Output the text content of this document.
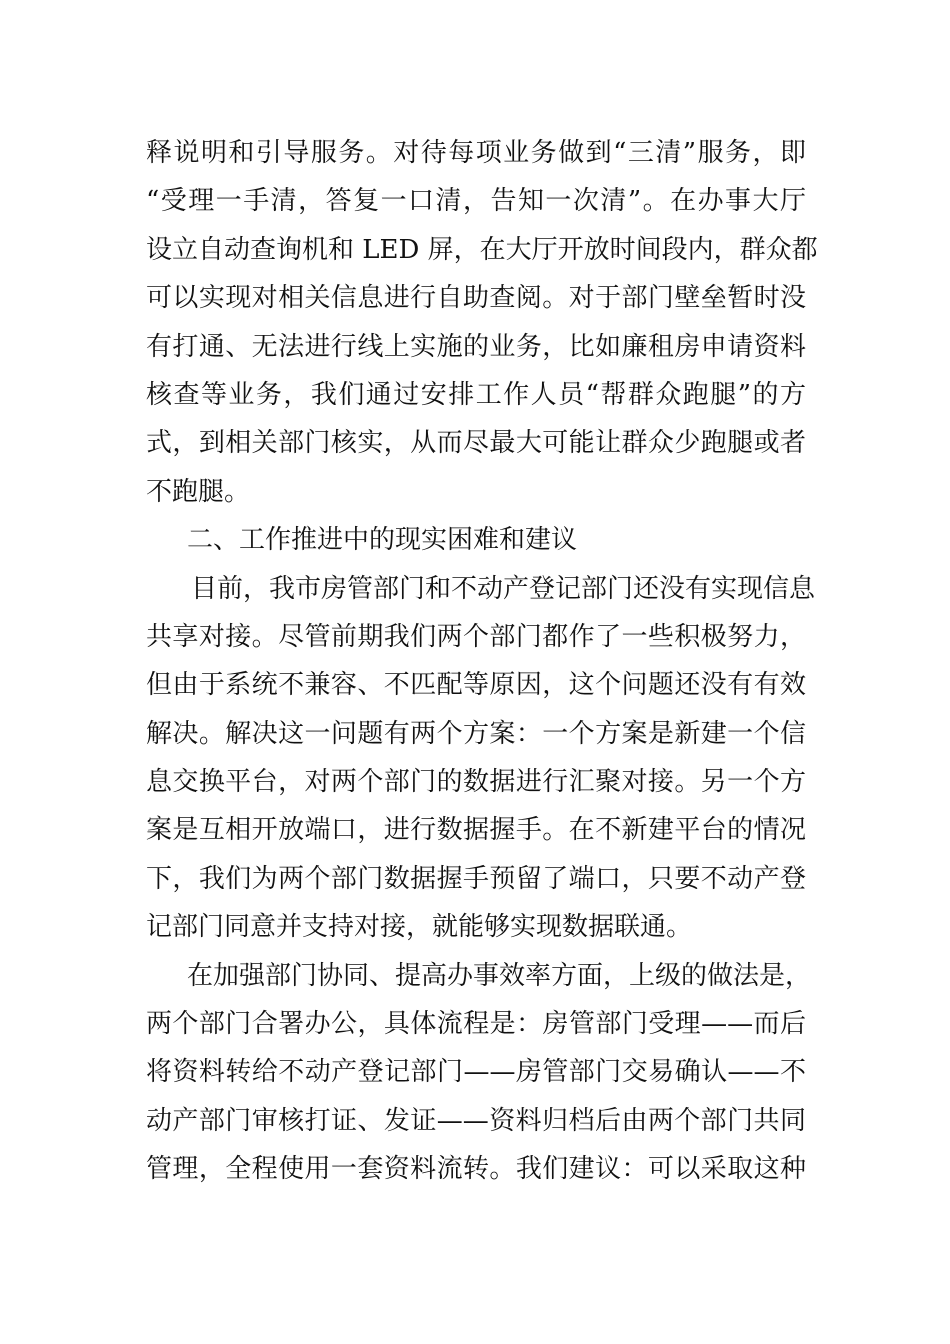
释说明和引导服务。对待每项业务做到“三清”服务，即
“受理一手清，答复一口清，告知一次清”。在办事大厅
设立自动查询机和 LED 屏，在大厅开放时间段内，群众都
可以实现对相关信息进行自助查阅。对于部门壁垒暂时没
有打通、无法进行线上实施的业务，比如廉租房申请资料
核查等业务，我们通过安排工作人员“帮群众跑腿”的方
式，到相关部门核实，从而尽最大可能让群众少跑腿或者
不跑腿。
二、工作推进中的现实困难和建议
目前，我市房管部门和不动产登记部门还没有实现信息
共享对接。尽管前期我们两个部门都作了一些积极努力，
但由于系统不兼容、不匹配等原因，这个问题还没有有效
解决。解决这一问题有两个方案：一个方案是新建一个信
息交换平台，对两个部门的数据进行汇聚对接。另一个方
案是互相开放端口，进行数据握手。在不新建平台的情况
下，我们为两个部门数据握手预留了端口，只要不动产登
记部门同意并支持对接，就能够实现数据联通。
在加强部门协同、提高办事效率方面，上级的做法是，
两个部门合署办公，具体流程是：房管部门受理——而后
将资料转给不动产登记部门——房管部门交易确认——不
动产部门审核打证、发证——资料归档后由两个部门共同
管理，全程使用一套资料流转。我们建议：可以采取这种
